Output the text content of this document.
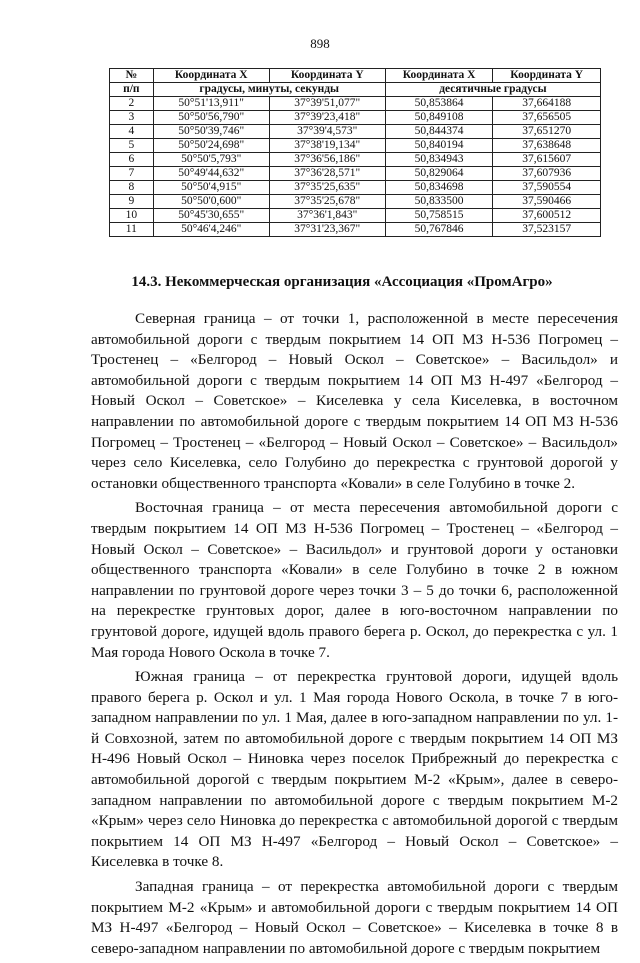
898
№	Координата X	Координата Y	Координата X	Координата Y
п/п	градусы, минуты, секунды		десятичные градусы	
2	50°51'13,911"	37°39'51,077"	50,853864	37,664188
3	50°50'56,790"	37°39'23,418"	50,849108	37,656505
4	50°50'39,746"	37°39'4,573"	50,844374	37,651270
5	50°50'24,698"	37°38'19,134"	50,840194	37,638648
6	50°50'5,793"	37°36'56,186"	50,834943	37,615607
7	50°49'44,632"	37°36'28,571"	50,829064	37,607936
8	50°50'4,915"	37°35'25,635"	50,834698	37,590554
9	50°50'0,600"	37°35'25,678"	50,833500	37,590466
10	50°45'30,655"	37°36'1,843"	50,758515	37,600512
11	50°46'4,246"	37°31'23,367"	50,767846	37,523157
14.3. Некоммерческая организация «Ассоциация «ПромАгро»

Северная граница – от точки 1, расположенной в месте пересечения автомобильной дороги с твердым покрытием 14 ОП МЗ Н-536 Погромец – Тростенец – «Белгород – Новый Оскол – Советское» – Васильдол» и автомобильной дороги с твердым покрытием 14 ОП МЗ Н-497 «Белгород – Новый Оскол – Советское» – Киселевка у села Киселевка, в восточном направлении по автомобильной дороге с твердым покрытием 14 ОП МЗ Н-536 Погромец – Тростенец – «Белгород – Новый Оскол – Советское» – Васильдол» через село Киселевка, село Голубино до перекрестка с грунтовой дорогой у остановки общественного транспорта «Ковали» в селе Голубино в точке 2.

Восточная граница – от места пересечения автомобильной дороги с твердым покрытием 14 ОП МЗ Н-536 Погромец – Тростенец – «Белгород – Новый Оскол – Советское» – Васильдол» и грунтовой дороги у остановки общественного транспорта «Ковали» в селе Голубино в точке 2 в южном направлении по грунтовой дороге через точки 3 – 5 до точки 6, расположенной на перекрестке грунтовых дорог, далее в юго-восточном направлении по грунтовой дороге, идущей вдоль правого берега р. Оскол, до перекрестка с ул. 1 Мая города Нового Оскола в точке 7.

Южная граница – от перекрестка грунтовой дороги, идущей вдоль правого берега р. Оскол и ул. 1 Мая города Нового Оскола, в точке 7 в юго-западном направлении по ул. 1 Мая, далее в юго-западном направлении по ул. 1-й Совхозной, затем по автомобильной дороге с твердым покрытием 14 ОП МЗ Н-496 Новый Оскол – Ниновка через поселок Прибрежный до перекрестка с автомобильной дорогой с твердым покрытием М-2 «Крым», далее в северо-западном направлении по автомобильной дороге с твердым покрытием М-2 «Крым» через село Ниновка до перекрестка с автомобильной дорогой с твердым покрытием 14 ОП МЗ Н-497 «Белгород – Новый Оскол – Советское» – Киселевка в точке 8.

Западная граница – от перекрестка автомобильной дороги с твердым покрытием М-2 «Крым» и автомобильной дороги с твердым покрытием 14 ОП МЗ Н-497 «Белгород – Новый Оскол – Советское» – Киселевка в точке 8 в северо-западном направлении по автомобильной дороге с твердым покрытием
